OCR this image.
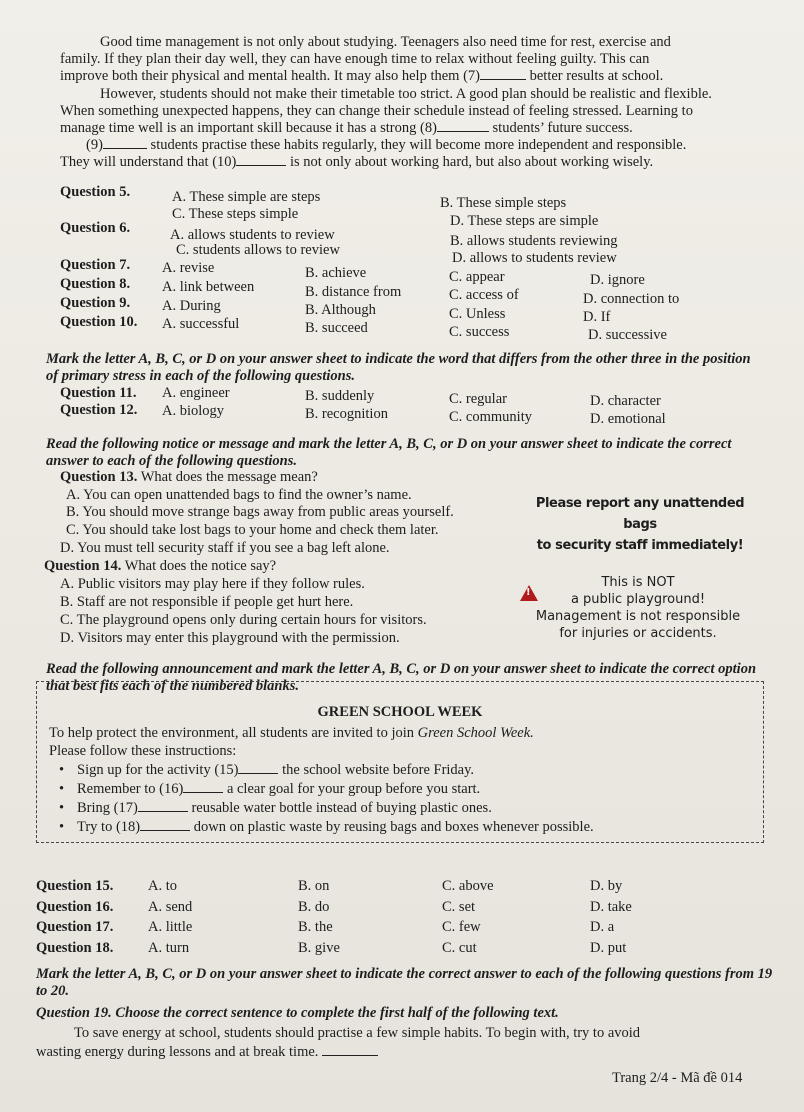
Good time management is not only about studying. Teenagers also need time for rest, exercise and
family. If they plan their day well, they can have enough time to relax without feeling guilty. This can
improve both their physical and mental health. It may also help them (7)	better results at school.
However, students should not make their timetable too strict. A good plan should be realistic and flexible.
When something unexpected happens, they can change their schedule instead of feeling stressed. Learning to
manage time well is an important skill because it has a strong (8)	students’ future success.
(9)	students practise these habits regularly, they will become more independent and responsible.
They will understand that (10)	is not only about working hard, but also about working wisely.
Question 5.	A. These simple are steps	B. These simple steps
C. These steps simple	D. These steps are simple
Question 6.	A. allows students to review	B. allows students reviewing
C. students allows to review	D. allows to students review
Question 7. A. revise	B. achieve	C. appear	D. ignore
Question 8. A. link between	B. distance from	C. access of	D. connection to
Question 9. A. During	B. Although	C. Unless	D. If
Question 10. A. successful	B. succeed	C. success	D. successive
Mark the letter A, B, C, or D on your answer sheet to indicate the word that differs from the other three in the position of primary stress in each of the following questions.
Question 11. A. engineer	B. suddenly	C. regular	D. character
Question 12. A. biology	B. recognition	C. community	D. emotional
Read the following notice or message and mark the letter A, B, C, or D on your answer sheet to indicate the correct answer to each of the following questions.
Question 13. What does the message mean?
A. You can open unattended bags to find the owner’s name.
B. You should move strange bags away from public areas yourself.
C. You should take lost bags to your home and check them later.
D. You must tell security staff if you see a bag left alone.
Please report any unattended bags
to security staff immediately!
Question 14. What does the notice say?
A. Public visitors may play here if they follow rules.
B. Staff are not responsible if people get hurt here.
C. The playground opens only during certain hours for visitors.
D. Visitors may enter this playground with the permission.
!
This is NOT
a public playground!
Management is not responsible
for injuries or accidents.
Read the following announcement and mark the letter A, B, C, or D on your answer sheet to indicate the correct option that best fits each of the numbered blanks.
GREEN SCHOOL WEEK
To help protect the environment, all students are invited to join Green School Week.
Please follow these instructions:
• Sign up for the activity (15)	the school website before Friday.
• Remember to (16)	a clear goal for your group before you start.
• Bring (17)	reusable water bottle instead of buying plastic ones.
• Try to (18)	down on plastic waste by reusing bags and boxes whenever possible.
Question 15. A. to	B. on	C. above	D. by
Question 16. A. send	B. do	C. set	D. take
Question 17. A. little	B. the	C. few	D. a
Question 18. A. turn	B. give	C. cut	D. put
Mark the letter A, B, C, or D on your answer sheet to indicate the correct answer to each of the following questions from 19 to 20.
Question 19. Choose the correct sentence to complete the first half of the following text.
To save energy at school, students should practise a few simple habits. To begin with, try to avoid
wasting energy during lessons and at break time.
Trang 2/4 - Mã đề 014
